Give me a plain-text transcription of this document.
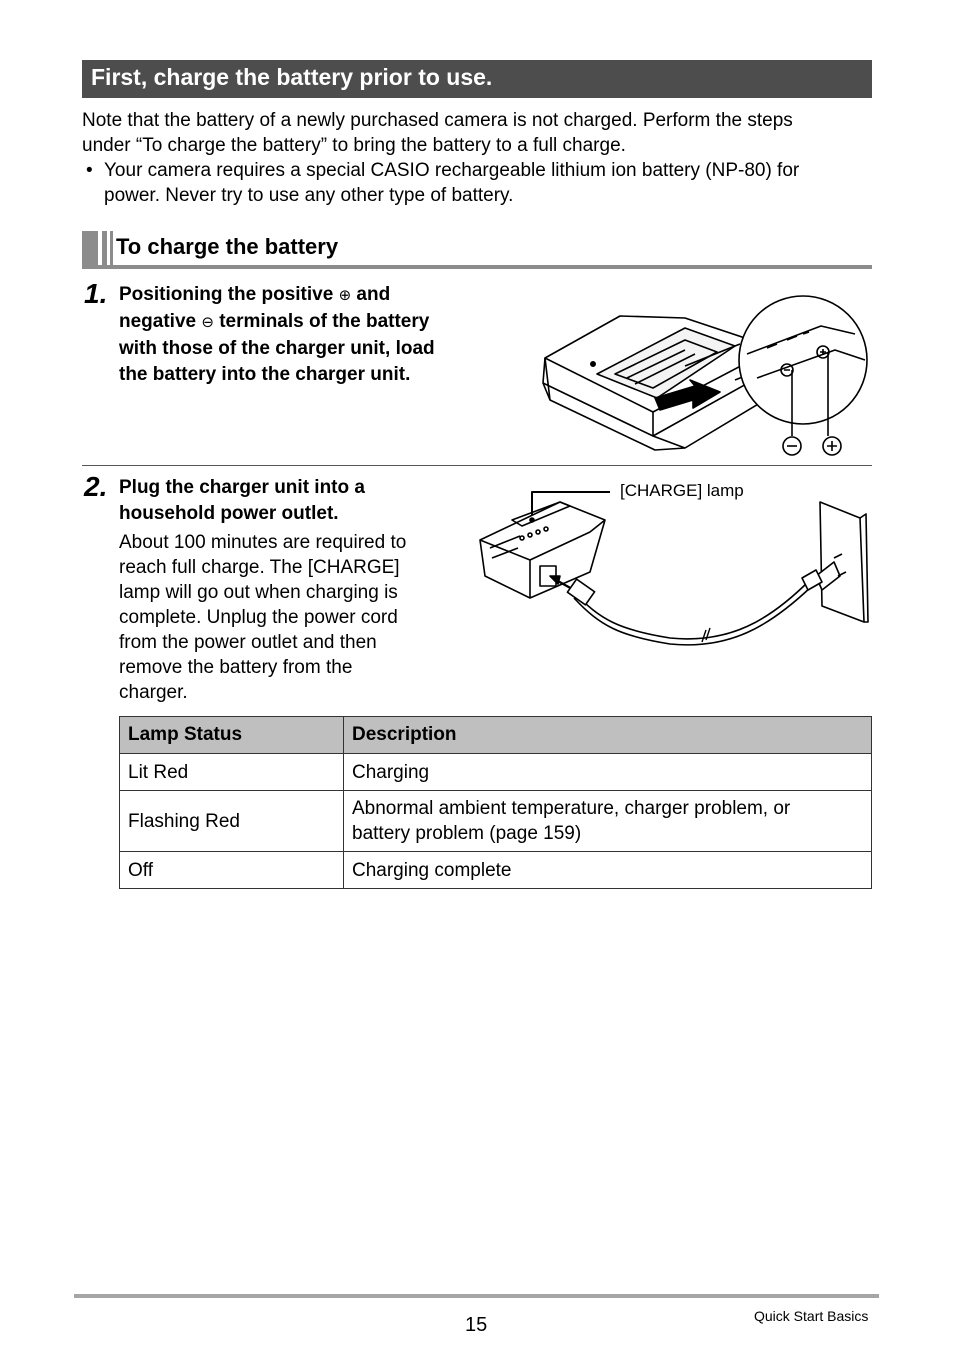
First, charge the battery prior to use.
Note that the battery of a newly purchased camera is not charged. Perform the steps
under “To charge the battery” to bring the battery to a full charge.
• Your camera requires a special CASIO rechargeable lithium ion battery (NP-80) for
power. Never try to use any other type of battery.
To charge the battery
1. Positioning the positive ⊕ and
negative ⊖ terminals of the battery
with those of the charger unit, load
the battery into the charger unit.
2. Plug the charger unit into a
household power outlet.
About 100 minutes are required to
reach full charge. The [CHARGE]
lamp will go out when charging is
complete. Unplug the power cord
from the power outlet and then
remove the battery from the
charger.
[CHARGE] lamp
Lamp Status	Description
Lit Red	Charging
Flashing Red	Abnormal ambient temperature, charger problem, or
battery problem (page 159)

Off	Charging complete
15	Quick Start Basics
